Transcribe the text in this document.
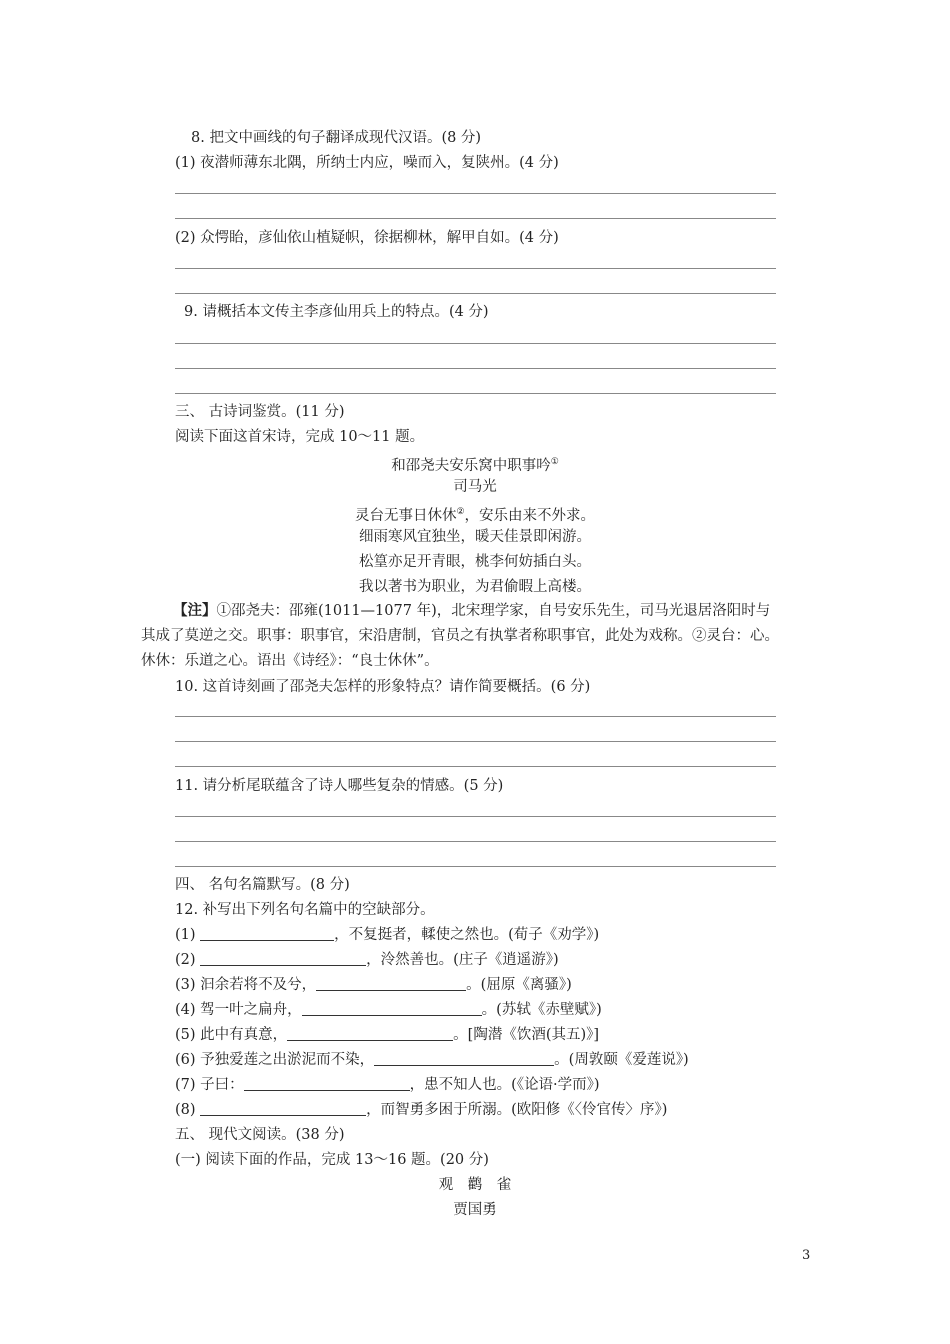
8. 把文中画线的句子翻译成现代汉语。(8 分)
(1) 夜潜师薄东北隅，所纳士内应，噪而入，复陕州。(4 分)
(2) 众愕眙，彦仙依山植疑帜，徐据柳林，解甲自如。(4 分)
9. 请概括本文传主李彦仙用兵上的特点。(4 分)
三、 古诗词鉴赏。(11 分)
阅读下面这首宋诗，完成 10～11 题。
和邵尧夫安乐窝中职事吟①
司马光
灵台无事日休休②，安乐由来不外求。
细雨寒风宜独坐，暖天佳景即闲游。
松篁亦足开青眼，桃李何妨插白头。
我以著书为职业，为君偷暇上高楼。
【注】①邵尧夫：邵雍(1011—1077 年)，北宋理学家，自号安乐先生，司马光退居洛阳时与其成了莫逆之交。职事：职事官，宋沿唐制，官员之有执掌者称职事官，此处为戏称。②灵台：心。休休：乐道之心。语出《诗经》：“良士休休”。
10. 这首诗刻画了邵尧夫怎样的形象特点？请作简要概括。(6 分)
11. 请分析尾联蕴含了诗人哪些复杂的情感。(5 分)
四、 名句名篇默写。(8 分)
12. 补写出下列名句名篇中的空缺部分。
(1)	，不复挺者，輮使之然也。(荀子《劝学》)
(2)	，泠然善也。(庄子《逍遥游》)
(3) 汩余若将不及兮，	。(屈原《离骚》)
(4) 驾一叶之扁舟，	。(苏轼《赤壁赋》)
(5) 此中有真意，	。[陶潜《饮酒(其五)》]
(6) 予独爱莲之出淤泥而不染，	。(周敦颐《爱莲说》)
(7) 子曰：	，患不知人也。(《论语·学而》)
(8)	，而智勇多困于所溺。(欧阳修《〈伶官传〉序》)
五、 现代文阅读。(38 分)
(一) 阅读下面的作品，完成 13～16 题。(20 分)
观　鹳　雀
贾国勇
3
